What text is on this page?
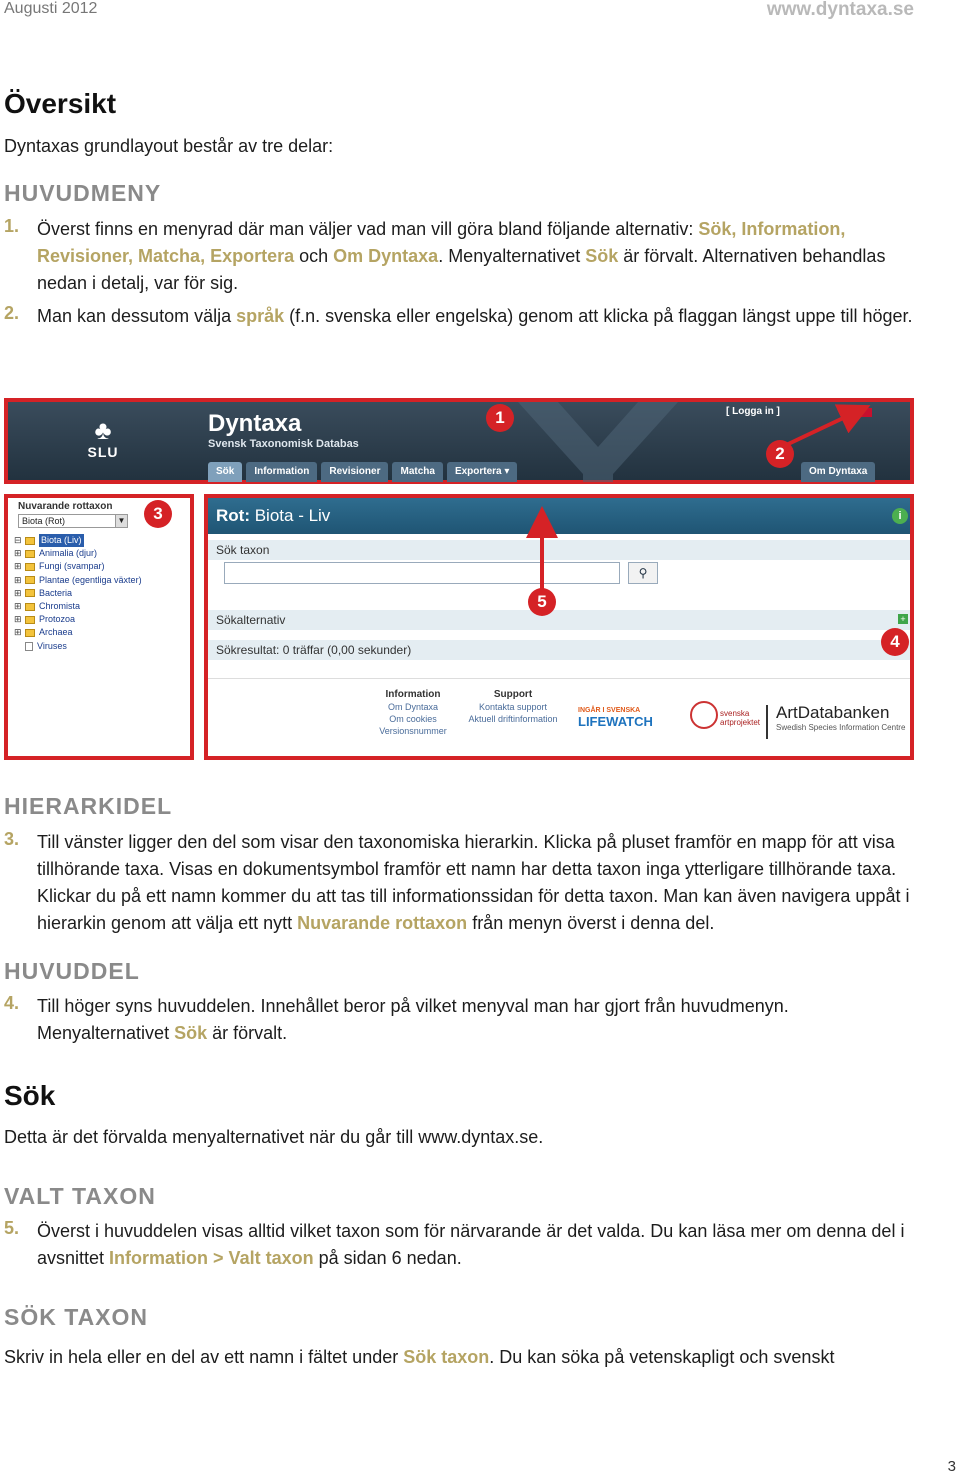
Augusti 2012	www.dyntaxa.se
Översikt
Dyntaxas grundlayout består av tre delar:
HUVUDMENY
1. Överst finns en menyrad där man väljer vad man vill göra bland följande alternativ: Sök, Information, Revisioner, Matcha, Exportera och Om Dyntaxa. Menyalternativet Sök är förvalt. Alternativen behandlas nedan i detalj, var för sig.
2. Man kan dessutom välja språk (f.n. svenska eller engelska) genom att klicka på flaggan längst uppe till höger.
♣
SLU
Dyntaxa
Svensk Taxonomisk Databas
Sök	Information	Revisioner	Matcha	Exportera ▾
[ Logga in ]
Om Dyntaxa
Nuvarande rottaxon
Biota (Rot)	▼
⊟ Biota (Liv)
⊞ Animalia (djur)
⊞ Fungi (svampar)
⊞ Plantae (egentliga växter)
⊞ Bacteria
⊞ Chromista
⊞ Protozoa
⊞ Archaea
Viruses
Rot: Biota - Liv	i
Sök taxon
⚲
Sökalternativ	+
Sökresultat: 0 träffar (0,00 sekunder)
Information
Om Dyntaxa
Om cookies
Versionsnummer
Support
Kontakta support
Aktuell driftinformation
INGÅR I SVENSKA
LIFEWATCH
svenska artprojektet
ArtDatabanken
Swedish Species Information Centre
1
2
3
4
5
HIERARKIDEL
3. Till vänster ligger den del som visar den taxonomiska hierarkin. Klicka på pluset framför en mapp för att visa tillhörande taxa. Visas en dokumentsymbol framför ett namn har detta taxon inga ytterligare tillhörande taxa. Klickar du på ett namn kommer du att tas till informationssidan för detta taxon. Man kan även navigera uppåt i hierarkin genom att välja ett nytt Nuvarande rottaxon från menyn överst i denna del.
HUVUDDEL
4. Till höger syns huvuddelen. Innehållet beror på vilket menyval man har gjort från huvudmenyn. Menyalternativet Sök är förvalt.
Sök
Detta är det förvalda menyalternativet när du går till www.dyntax.se.
VALT TAXON
5. Överst i huvuddelen visas alltid vilket taxon som för närvarande är det valda. Du kan läsa mer om denna del i avsnittet Information > Valt taxon på sidan 6 nedan.
SÖK TAXON
Skriv in hela eller en del av ett namn i fältet under Sök taxon. Du kan söka på vetenskapligt och svenskt
3
